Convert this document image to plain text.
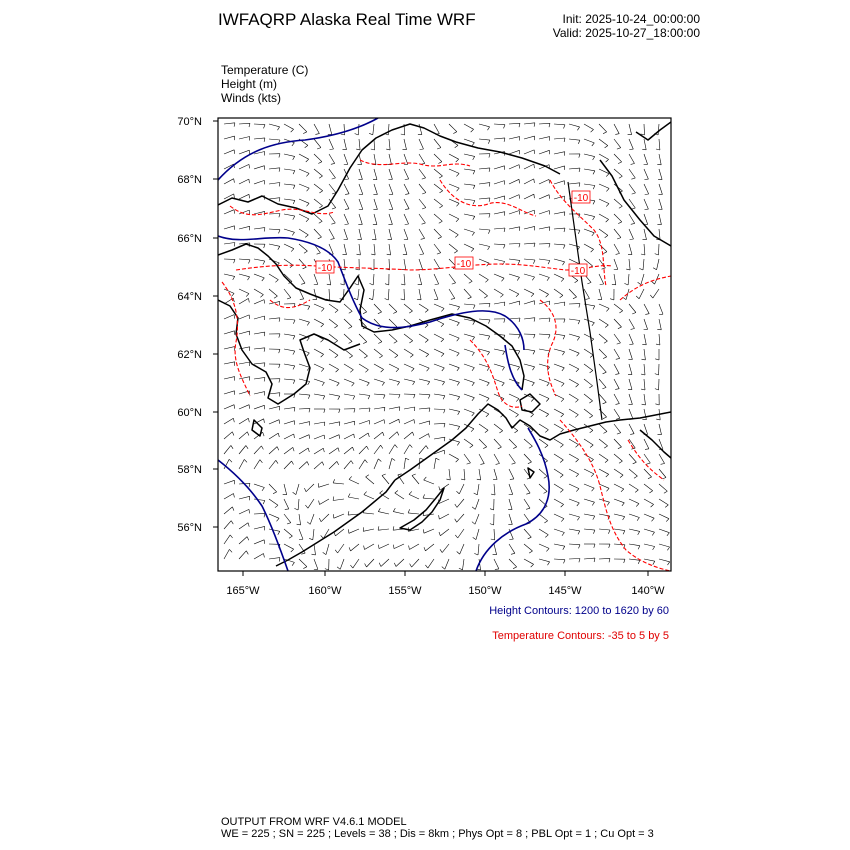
IWFAQRP Alaska Real Time WRF	Init: 2025-10-24_00:00:00
Valid: 2025-10-27_18:00:00
Temperature (C)
Height (m)
Winds (kts)
-10	-10
-10
-10
70°N
68°N
66°N
64°N
62°N
60°N
58°N
56°N
165°W	160°W	155°W	150°W	145°W	140°W
Height Contours: 1200 to 1620 by 60
Temperature Contours: -35 to 5 by 5
OUTPUT FROM WRF V4.6.1 MODEL
WE = 225 ; SN = 225 ; Levels = 38 ; Dis = 8km ; Phys Opt = 8 ; PBL Opt = 1 ; Cu Opt = 3
